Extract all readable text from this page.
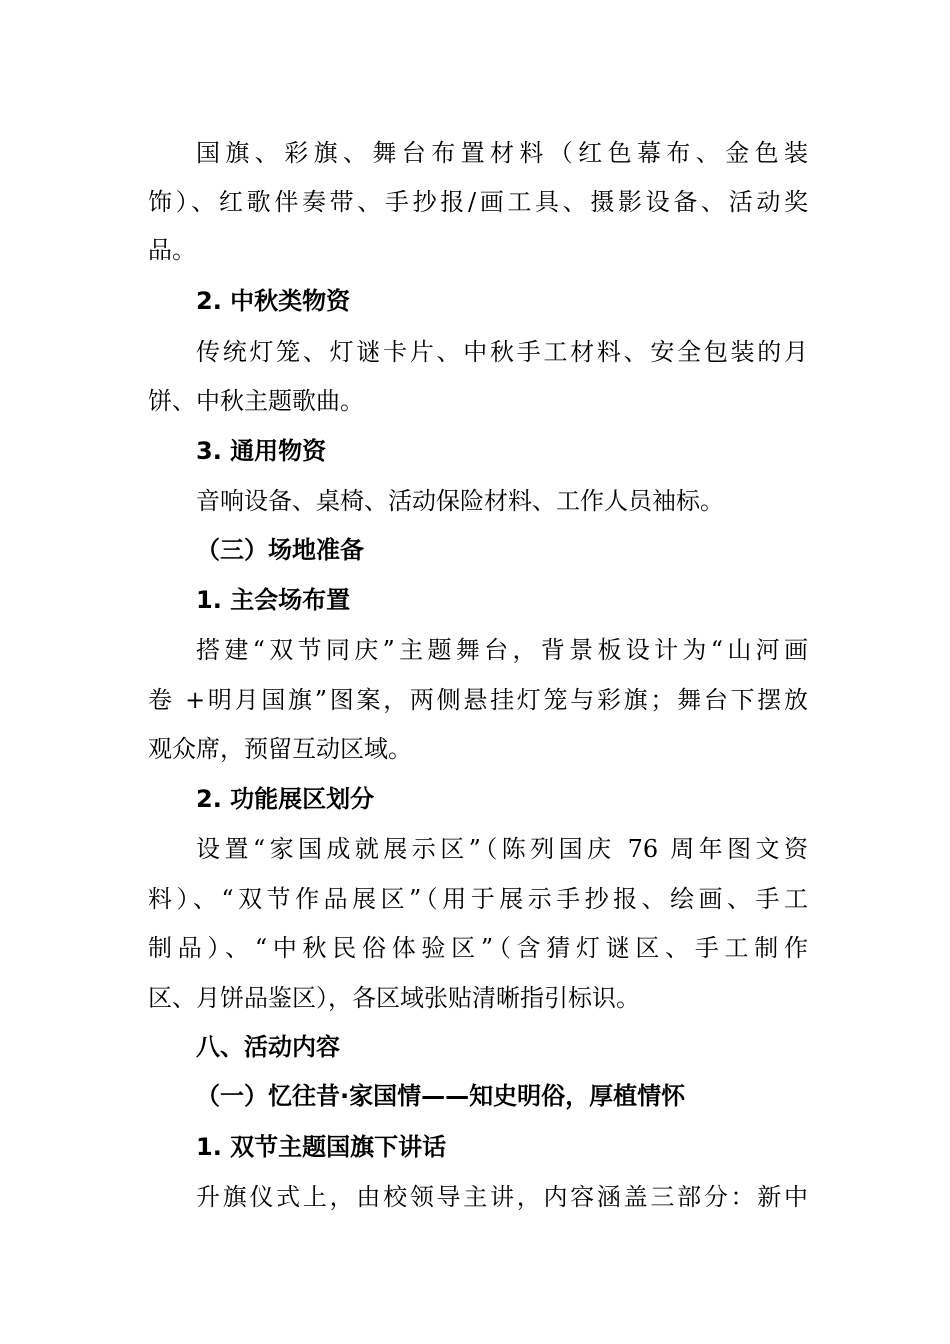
国旗、彩旗、舞台布置材料（红色幕布、金色装
饰）、红歌伴奏带、手抄报/画工具、摄影设备、活动奖
品。
2. 中秋类物资
传统灯笼、灯谜卡片、中秋手工材料、安全包装的月
饼、中秋主题歌曲。
3. 通用物资
音响设备、桌椅、活动保险材料、工作人员袖标。
（三）场地准备
1. 主会场布置
搭建“双节同庆”主题舞台，背景板设计为“山河画
卷 +明月国旗”图案，两侧悬挂灯笼与彩旗；舞台下摆放
观众席，预留互动区域。
2. 功能展区划分
设置“家国成就展示区”（陈列国庆 76 周年图文资
料）、“双节作品展区”（用于展示手抄报、绘画、手工
制品）、“中秋民俗体验区”（含猜灯谜区、手工制作
区、月饼品鉴区），各区域张贴清晰指引标识。
八、活动内容
（一）忆往昔·家国情——知史明俗，厚植情怀
1. 双节主题国旗下讲话
升旗仪式上，由校领导主讲，内容涵盖三部分：新中
